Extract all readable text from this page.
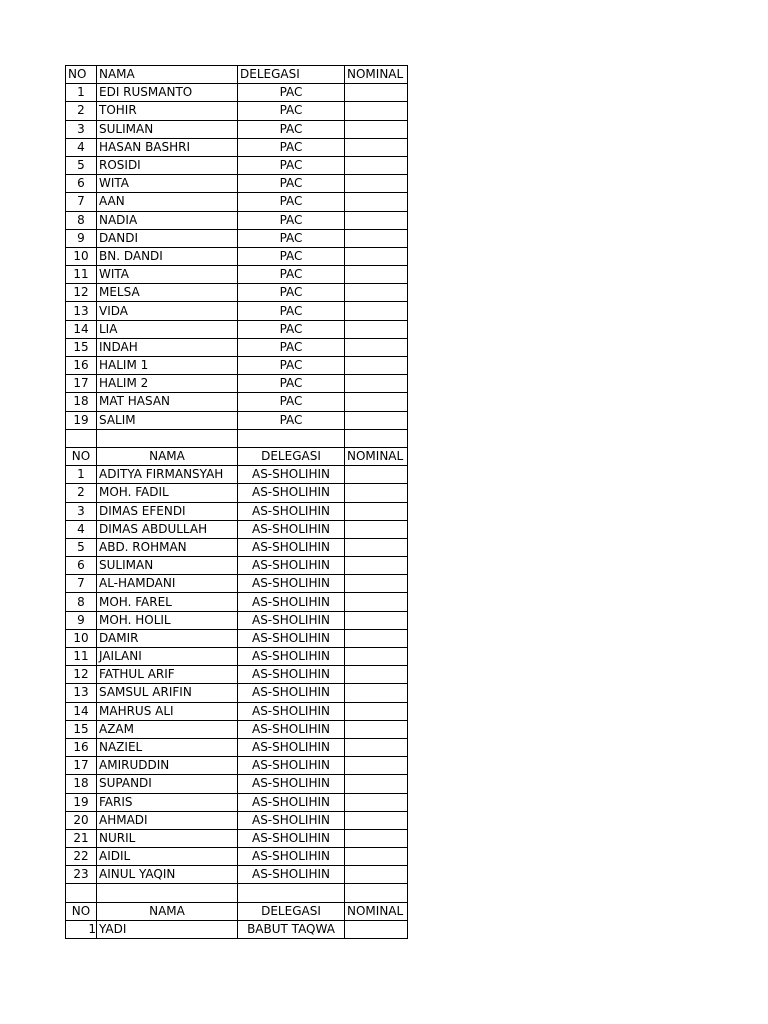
NO	NAMA	DELEGASI	NOMINAL
1	EDI RUSMANTO	PAC	
2	TOHIR	PAC	
3	SULIMAN	PAC	
4	HASAN BASHRI	PAC	
5	ROSIDI	PAC	
6	WITA	PAC	
7	AAN	PAC	
8	NADIA	PAC	
9	DANDI	PAC	
10	BN. DANDI	PAC	
11	WITA	PAC	
12	MELSA	PAC	
13	VIDA	PAC	
14	LIA	PAC	
15	INDAH	PAC	
16	HALIM 1	PAC	
17	HALIM 2	PAC	
18	MAT HASAN	PAC	
19	SALIM	PAC	

NO	NAMA	DELEGASI	NOMINAL
1	ADITYA FIRMANSYAH	AS-SHOLIHIN	
2	MOH. FADIL	AS-SHOLIHIN	
3	DIMAS EFENDI	AS-SHOLIHIN	
4	DIMAS ABDULLAH	AS-SHOLIHIN	
5	ABD. ROHMAN	AS-SHOLIHIN	
6	SULIMAN	AS-SHOLIHIN	
7	AL-HAMDANI	AS-SHOLIHIN	
8	MOH. FAREL	AS-SHOLIHIN	
9	MOH. HOLIL	AS-SHOLIHIN	
10	DAMIR	AS-SHOLIHIN	
11	JAILANI	AS-SHOLIHIN	
12	FATHUL ARIF	AS-SHOLIHIN	
13	SAMSUL ARIFIN	AS-SHOLIHIN	
14	MAHRUS ALI	AS-SHOLIHIN	
15	AZAM	AS-SHOLIHIN	
16	NAZIEL	AS-SHOLIHIN	
17	AMIRUDDIN	AS-SHOLIHIN	
18	SUPANDI	AS-SHOLIHIN	
19	FARIS	AS-SHOLIHIN	
20	AHMADI	AS-SHOLIHIN	
21	NURIL	AS-SHOLIHIN	
22	AIDIL	AS-SHOLIHIN	
23	AINUL YAQIN	AS-SHOLIHIN	

NO	NAMA	DELEGASI	NOMINAL
1	YADI	BABUT TAQWA	
